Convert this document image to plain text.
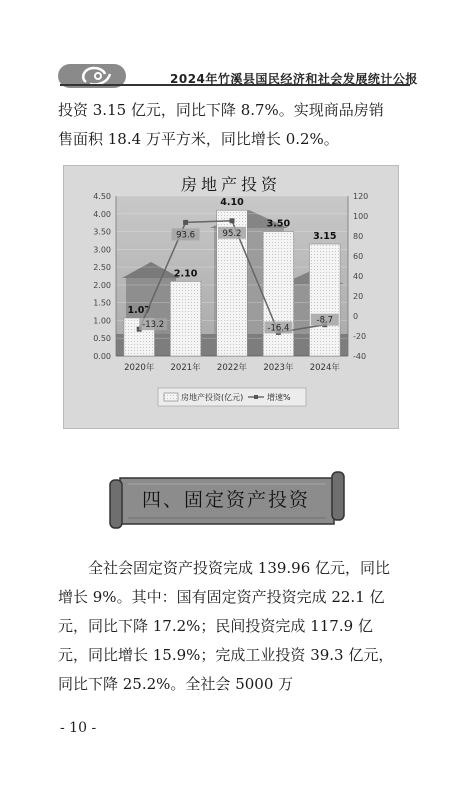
2024年竹溪县国民经济和社会发展统计公报

投资 3.15 亿元，同比下降 8.7%。实现商品房销售面积 18.4 万平方米，同比增长 0.2%。

房地产投资
0.00
0.50
1.00
1.50
2.00
2.50
3.00
3.50
4.00
4.50
-40
-20
0
20
40
60
80
100
120
1.07
2.10
4.10
3.50
3.15
-13.2
93.6	95.2
-16.4
-8.7
2020年 2021年 2022年 2023年 2024年
房地产投资(亿元)	增速%
四、固定资产投资

全社会固定资产投资完成 139.96 亿元，同比增长 9%。其中：国有固定资产投资完成 22.1 亿元，同比下降 17.2%；民间投资完成 117.9 亿元，同比增长 15.9%；完成工业投资 39.3 亿元，同比下降 25.2%。全社会 5000 万

- 10 -
